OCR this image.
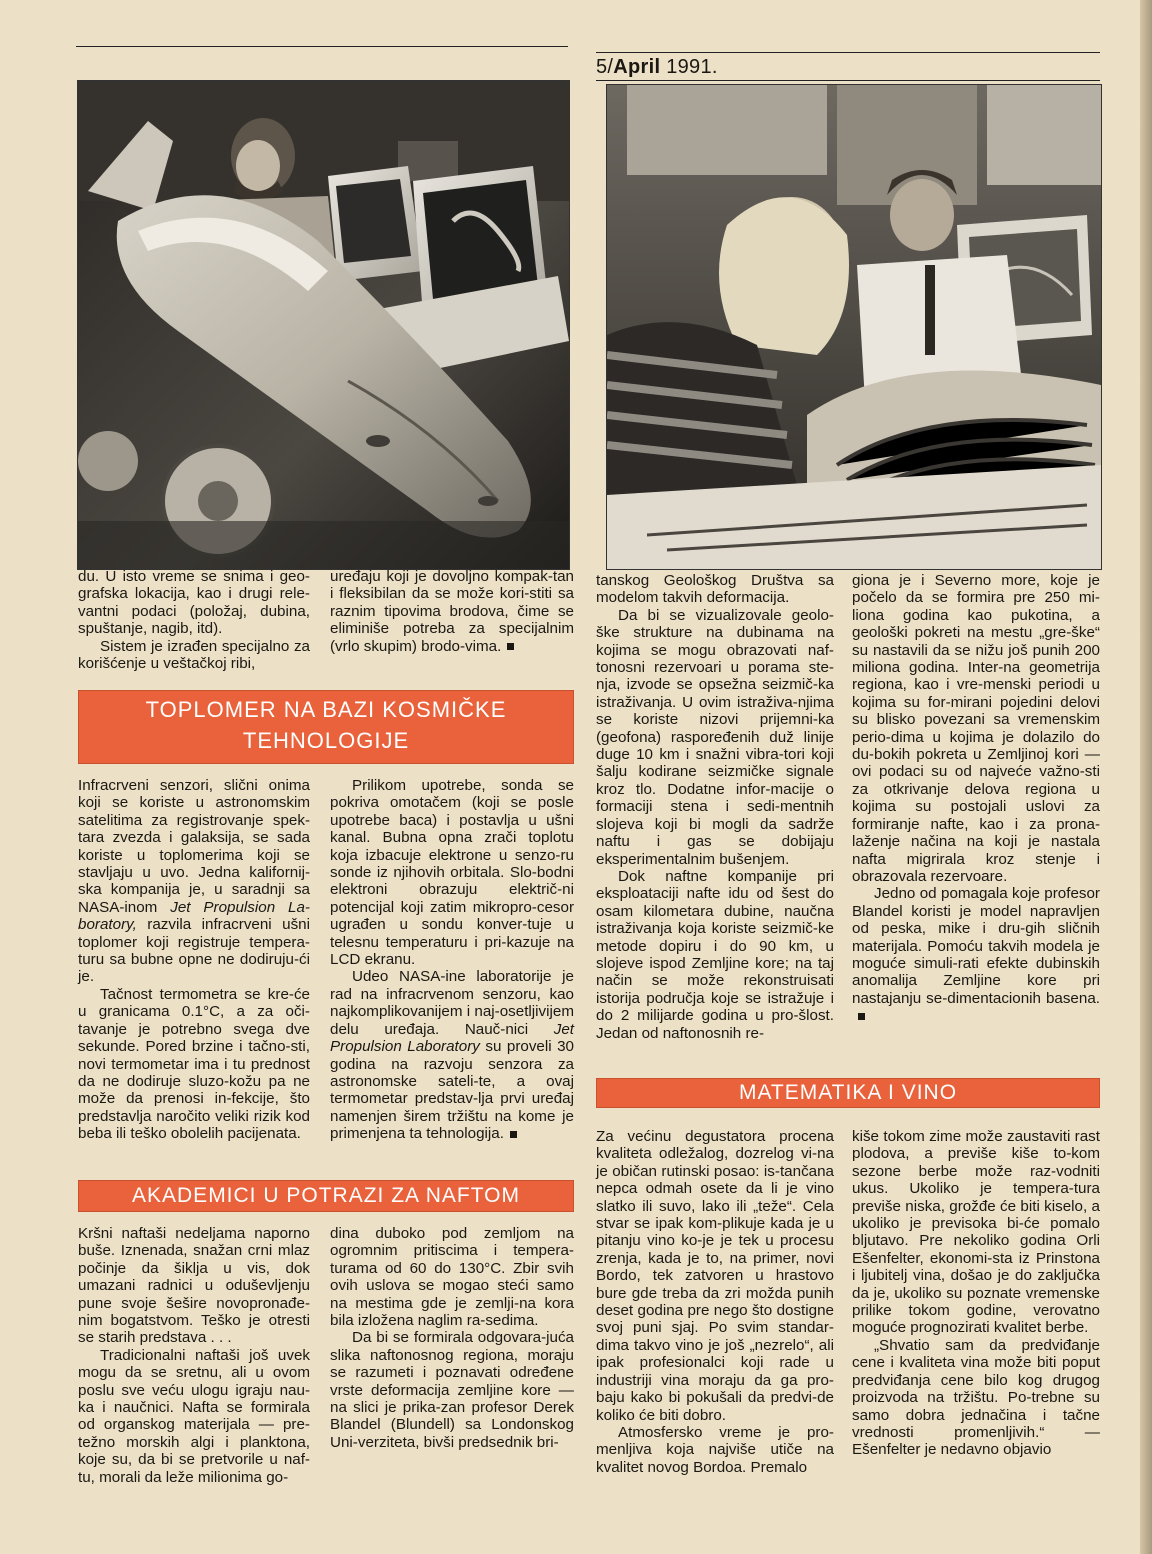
5/April 1991.

du. U isto vreme se snima i geo-grafska lokacija, kao i drugi rele-vantni podaci (položaj, dubina, spuštanje, nagib, itd).

Sistem je izrađen specijalno za korišćenje u veštačkoj ribi,

uređaju koji je dovoljno kompak-tan i fleksibilan da se može kori-stiti sa raznim tipovima brodova, čime se eliminiše potreba za specijalnim (vrlo skupim) brodo-vima.

TOPLOMER NA BAZI KOSMIČKE
TEHNOLOGIJE

Infracrveni senzori, slični onima koji se koriste u astronomskim satelitima za registrovanje spek-tara zvezda i galaksija, se sada koriste u toplomerima koji se stavljaju u uvo. Jedna kalifornij-ska kompanija je, u saradnji sa NASA-inom Jet Propulsion La-boratory, razvila infracrveni ušni toplomer koji registruje tempera-turu sa bubne opne ne dodiruju-ći je.

Tačnost termometra se kre-će u granicama 0.1°C, a za oči-tavanje je potrebno svega dve sekunde. Pored brzine i tačno-sti, novi termometar ima i tu prednost da ne dodiruje sluzo-kožu pa ne može da prenosi in-fekcije, što predstavlja naročito veliki rizik kod beba ili teško obolelih pacijenata.

Prilikom upotrebe, sonda se pokriva omotačem (koji se posle upotrebe baca) i postavlja u ušni kanal. Bubna opna zrači toplotu koja izbacuje elektrone u senzo-ru sonde iz njihovih orbitala. Slo-bodni elektroni obrazuju električ-ni potencijal koji zatim mikropro-cesor ugrađen u sondu konver-tuje u telesnu temperaturu i pri-kazuje na LCD ekranu.

Udeo NASA-ine laboratorije je rad na infracrvenom senzoru, kao najkomplikovanijem i naj-osetljivijem delu uređaja. Nauč-nici Jet Propulsion Laboratory su proveli 30 godina na razvoju senzora za astronomske sateli-te, a ovaj termometar predstav-lja prvi uređaj namenjen širem tržištu na kome je primenjena ta tehnologija.

AKADEMICI U POTRAZI ZA NAFTOM

Kršni naftaši nedeljama naporno buše. Iznenada, snažan crni mlaz počinje da šiklja u vis, dok umazani radnici u oduševljenju pune svoje šešire novopronađe-nim bogatstvom. Teško je otresti se starih predstava . . .

Tradicionalni naftaši još uvek mogu da se sretnu, ali u ovom poslu sve veću ulogu igraju nau-ka i naučnici. Nafta se formirala od organskog materijala — pre-težno morskih algi i planktona, koje su, da bi se pretvorile u naf-tu, morali da leže milionima go-

dina duboko pod zemljom na ogromnim pritiscima i tempera-turama od 60 do 130°C. Zbir svih ovih uslova se mogao steći samo na mestima gde je zemlji-na kora bila izložena naglim ra-sedima.

Da bi se formirala odgovara-juća slika naftonosnog regiona, moraju se razumeti i poznavati određene vrste deformacija zemljine kore — na slici je prika-zan profesor Derek Blandel (Blundell) sa Londonskog Uni-verziteta, bivši predsednik bri-

tanskog Geološkog Društva sa modelom takvih deformacija.

Da bi se vizualizovale geolo-ške strukture na dubinama na kojima se mogu obrazovati naf-tonosni rezervoari u porama ste-nja, izvode se opsežna seizmič-ka istraživanja. U ovim istraživa-njima se koriste nizovi prijemni-ka (geofona) raspoređenih duž linije duge 10 km i snažni vibra-tori koji šalju kodirane seizmičke signale kroz tlo. Dodatne infor-macije o formaciji stena i sedi-mentnih slojeva koji bi mogli da sadrže naftu i gas se dobijaju eksperimentalnim bušenjem.

Dok naftne kompanije pri eksploataciji nafte idu od šest do osam kilometara dubine, naučna istraživanja koja koriste seizmič-ke metode dopiru i do 90 km, u slojeve ispod Zemljine kore; na taj način se može rekonstruisati istorija područja koje se istražuje i do 2 milijarde godina u pro-šlost. Jedan od naftonosnih re-

giona je i Severno more, koje je počelo da se formira pre 250 mi-liona godina kao pukotina, a geološki pokreti na mestu „gre-ške“ su nastavili da se nižu još punih 200 miliona godina. Inter-na geometrija regiona, kao i vre-menski periodi u kojima su for-mirani pojedini delovi su blisko povezani sa vremenskim perio-dima u kojima je dolazilo do du-bokih pokreta u Zemljinoj kori — ovi podaci su od najveće važno-sti za otkrivanje delova regiona u kojima su postojali uslovi za formiranje nafte, kao i za prona-laženje načina na koji je nastala nafta migrirala kroz stenje i obrazovala rezervoare.

Jedno od pomagala koje profesor Blandel koristi je model napravljen od peska, mike i dru-gih sličnih materijala. Pomoću takvih modela je moguće simuli-rati efekte dubinskih anomalija Zemljine kore pri nastajanju se-dimentacionih basena.

MATEMATIKA I VINO

Za većinu degustatora procena kvaliteta odležalog, dozrelog vi-na je običan rutinski posao: is-tančana nepca odmah osete da li je vino slatko ili suvo, lako ili „teže“. Cela stvar se ipak kom-plikuje kada je u pitanju vino ko-je je tek u procesu zrenja, kada je to, na primer, novi Bordo, tek zatvoren u hrastovo bure gde treba da zri možda punih deset godina pre nego što dostigne svoj puni sjaj. Po svim standar-dima takvo vino je još „nezrelo“, ali ipak profesionalci koji rade u industriji vina moraju da ga pro-baju kako bi pokušali da predvi-de koliko će biti dobro.

Atmosfersko vreme je pro-menljiva koja najviše utiče na kvalitet novog Bordoa. Premalo

kiše tokom zime može zaustaviti rast plodova, a previše kiše to-kom sezone berbe može raz-vodniti ukus. Ukoliko je tempera-tura previše niska, grožđe će biti kiselo, a ukoliko je previsoka bi-će pomalo bljutavo. Pre nekoliko godina Orli Ešenfelter, ekonomi-sta iz Prinstona i ljubitelj vina, došao je do zaključka da je, ukoliko su poznate vremenske prilike tokom godine, verovatno moguće prognozirati kvalitet berbe.

„Shvatio sam da predviđanje cene i kvaliteta vina može biti poput predviđanja cene bilo kog drugog proizvoda na tržištu. Po-trebne su samo dobra jednačina i tačne vrednosti promenljivih.“ — Ešenfelter je nedavno objavio
